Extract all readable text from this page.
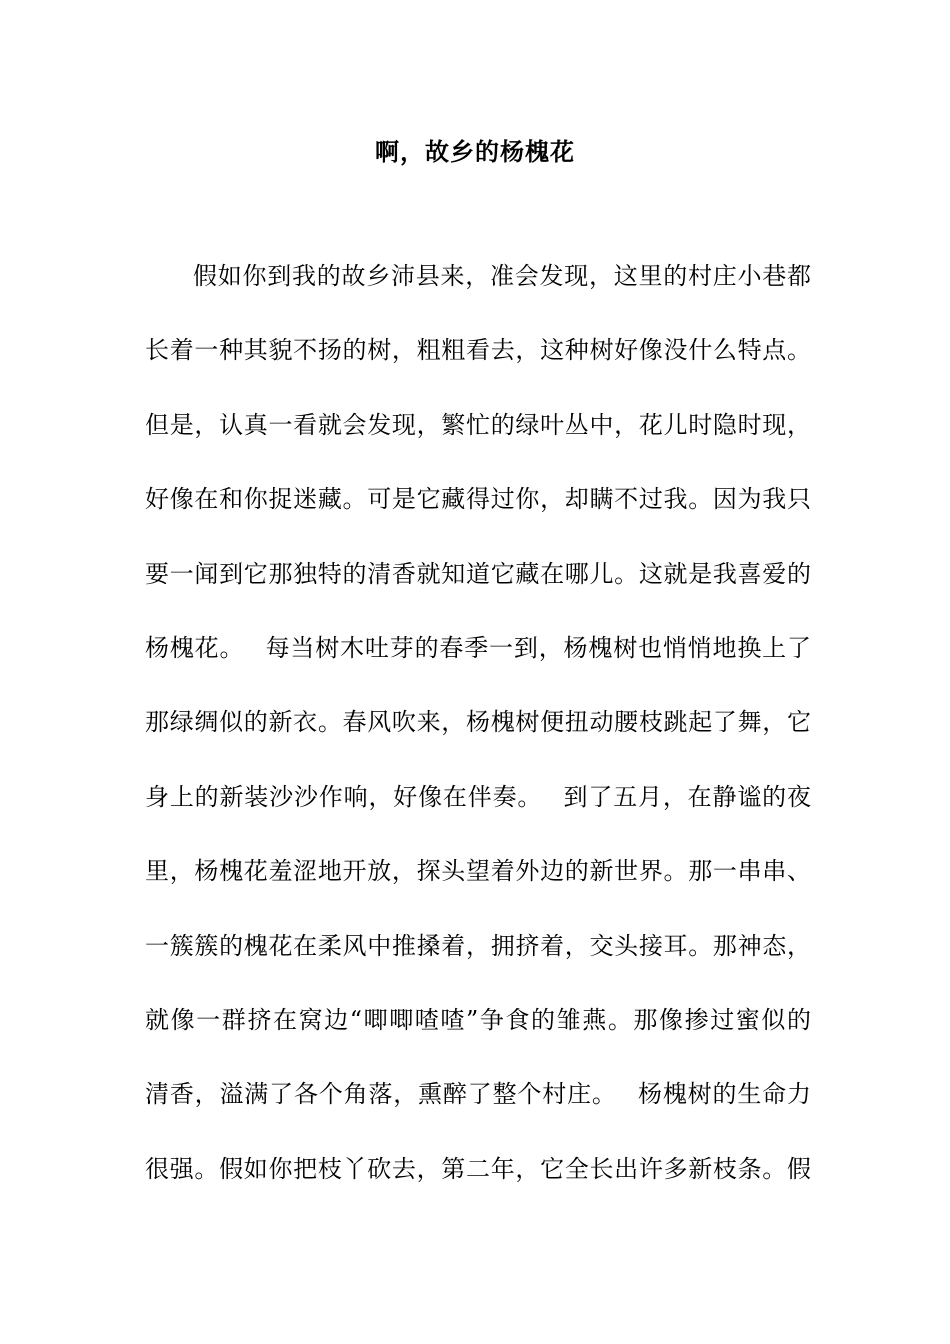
啊，故乡的杨槐花
假如你到我的故乡沛县来，准会发现，这里的村庄小巷都
长着一种其貌不扬的树，粗粗看去，这种树好像没什么特点。
但是，认真一看就会发现，繁忙的绿叶丛中，花儿时隐时现，
好像在和你捉迷藏。可是它藏得过你，却瞒不过我。因为我只
要一闻到它那独特的清香就知道它藏在哪儿。这就是我喜爱的
杨槐花。　 每当树木吐芽的春季一到，杨槐树也悄悄地换上了
那绿绸似的新衣。春风吹来，杨槐树便扭动腰枝跳起了舞，它
身上的新装沙沙作响，好像在伴奏。　 到了五月，在静谧的夜
里，杨槐花羞涩地开放，探头望着外边的新世界。那一串串、
一簇簇的槐花在柔风中推搡着，拥挤着，交头接耳。那神态，
就像一群挤在窝边“唧唧喳喳”争食的雏燕。那像掺过蜜似的
清香，溢满了各个角落，熏醉了整个村庄。　 杨槐树的生命力
很强。假如你把枝丫砍去，第二年，它全长出许多新枝条。假
